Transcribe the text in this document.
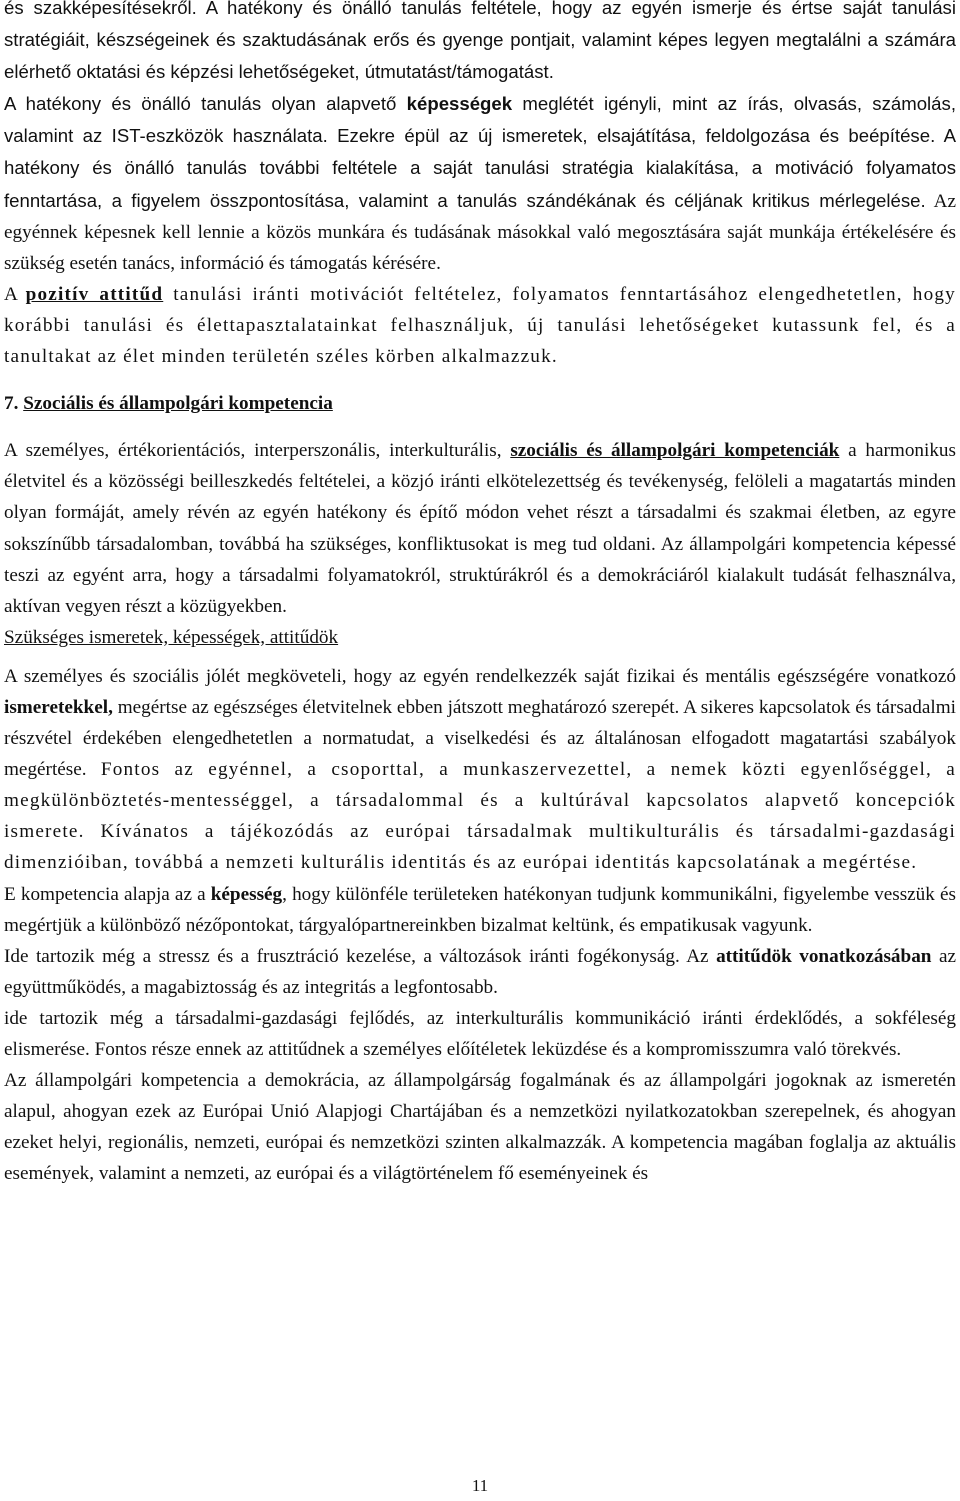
és szakképesítésekről. A hatékony és önálló tanulás feltétele, hogy az egyén ismerje és értse saját tanulási stratégiáit, készségeinek és szaktudásának erős és gyenge pontjait, valamint képes legyen megtalálni a számára elérhető oktatási és képzési lehetőségeket, útmutatást/támogatást.
A hatékony és önálló tanulás olyan alapvető képességek meglétét igényli, mint az írás, olvasás, számolás, valamint az IST-eszközök használata. Ezekre épül az új ismeretek, elsajátítása, feldolgozása és beépítése. A hatékony és önálló tanulás további feltétele a saját tanulási stratégia kialakítása, a motiváció folyamatos fenntartása, a figyelem összpontosítása, valamint a tanulás szándékának és céljának kritikus mérlegelése. Az egyénnek képesnek kell lennie a közös munkára és tudásának másokkal való megosztására saját munkája értékelésére és szükség esetén tanács, információ és támogatás kérésére.

A pozitív attitűd tanulási iránti motivációt feltételez, folyamatos fenntartásához elengedhetetlen, hogy korábbi tanulási és élettapasztalatainkat felhasználjuk, új tanulási lehetőségeket kutassunk fel, és a tanultakat az élet minden területén széles körben alkalmazzuk.

7. Szociális és állampolgári kompetencia

A személyes, értékorientációs, interperszonális, interkulturális, szociális és állampolgári kompetenciák a harmonikus életvitel és a közösségi beilleszkedés feltételei, a közjó iránti elkötelezettség és tevékenység, felöleli a magatartás minden olyan formáját, amely révén az egyén hatékony és építő módon vehet részt a társadalmi és szakmai életben, az egyre sokszínűbb társadalomban, továbbá ha szükséges, konfliktusokat is meg tud oldani. Az állampolgári kompetencia képessé teszi az egyént arra, hogy a társadalmi folyamatokról, struktúrákról és a demokráciáról kialakult tudását felhasználva, aktívan vegyen részt a közügyekben.

Szükséges ismeretek, képességek, attitűdök

A személyes és szociális jólét megköveteli, hogy az egyén rendelkezzék saját fizikai és mentális egészségére vonatkozó ismeretekkel, megértse az egészséges életvitelnek ebben játszott meghatározó szerepét. A sikeres kapcsolatok és társadalmi részvétel érdekében elengedhetetlen a normatudat, a viselkedési és az általánosan elfogadott magatartási szabályok megértése. Fontos az egyénnel, a csoporttal, a munkaszervezettel, a nemek közti egyenlőséggel, a megkülönböztetés-mentességgel, a társadalommal és a kultúrával kapcsolatos alapvető koncepciók ismerete. Kívánatos a tájékozódás az európai társadalmak multikulturális és társadalmi-gazdasági dimenzióiban, továbbá a nemzeti kulturális identitás és az európai identitás kapcsolatának a megértése.

E kompetencia alapja az a képesség, hogy különféle területeken hatékonyan tudjunk kommunikálni, figyelembe vesszük és megértjük a különböző nézőpontokat, tárgyalópartnereinkben bizalmat keltünk, és empatikusak vagyunk.

Ide tartozik még a stressz és a frusztráció kezelése, a változások iránti fogékonyság. Az attitűdök vonatkozásában az együttműködés, a magabiztosság és az integritás a legfontosabb.

ide tartozik még a társadalmi-gazdasági fejlődés, az interkulturális kommunikáció iránti érdeklődés, a sokféleség elismerése. Fontos része ennek az attitűdnek a személyes előítéletek leküzdése és a kompromisszumra való törekvés.

Az állampolgári kompetencia a demokrácia, az állampolgárság fogalmának és az állampolgári jogoknak az ismeretén alapul, ahogyan ezek az Európai Unió Alapjogi Chartájában és a nemzetközi nyilatkozatokban szerepelnek, és ahogyan ezeket helyi, regionális, nemzeti, európai és nemzetközi szinten alkalmazzák. A kompetencia magában foglalja az aktuális események, valamint a nemzeti, az európai és a világtörténelem fő eseményeinek és

11
